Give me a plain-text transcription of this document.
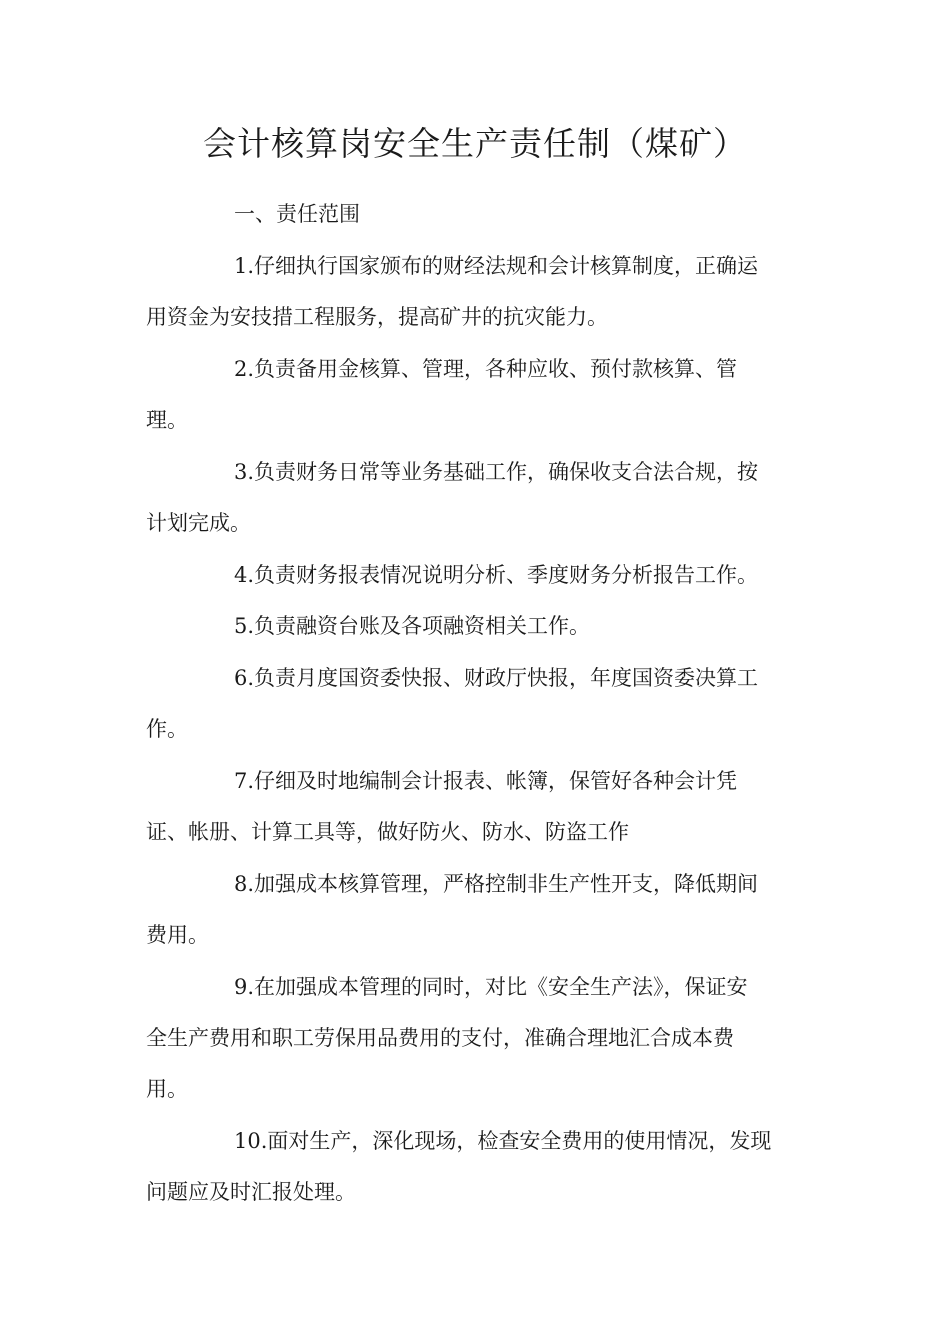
会计核算岗安全生产责任制（煤矿）
一、责任范围
1.仔细执行国家颁布的财经法规和会计核算制度，正确运
用资金为安技措工程服务，提高矿井的抗灾能力。
2.负责备用金核算、管理，各种应收、预付款核算、管
理。
3.负责财务日常等业务基础工作，确保收支合法合规，按
计划完成。
4.负责财务报表情况说明分析、季度财务分析报告工作。
5.负责融资台账及各项融资相关工作。
6.负责月度国资委快报、财政厅快报，年度国资委决算工
作。
7.仔细及时地编制会计报表、帐簿，保管好各种会计凭
证、帐册、计算工具等，做好防火、防水、防盗工作
8.加强成本核算管理，严格控制非生产性开支，降低期间
费用。
9.在加强成本管理的同时，对比《安全生产法》，保证安
全生产费用和职工劳保用品费用的支付，准确合理地汇合成本费
用。
10.面对生产，深化现场，检查安全费用的使用情况，发现
问题应及时汇报处理。
